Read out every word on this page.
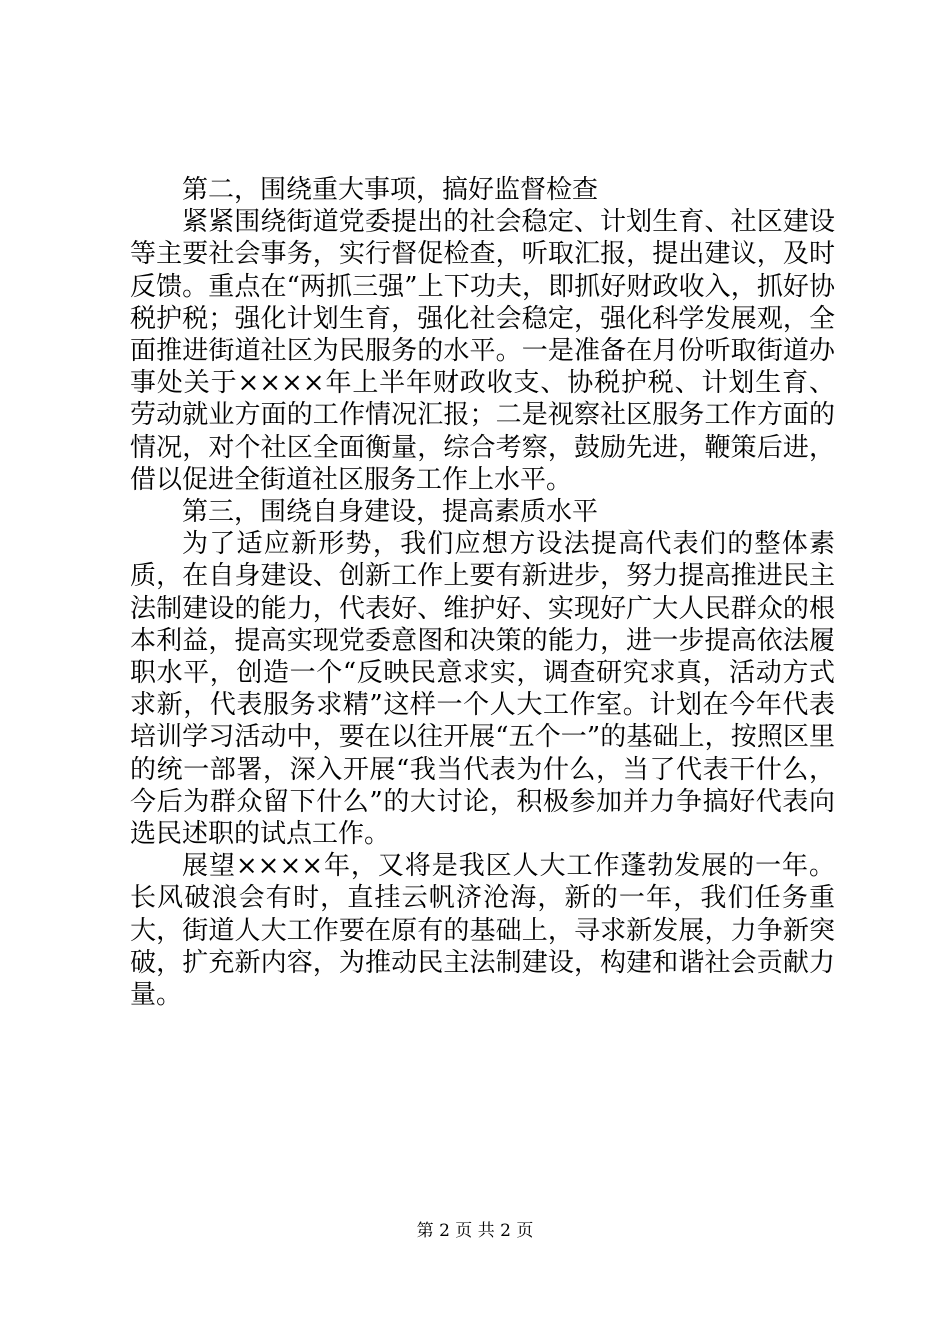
第二，围绕重大事项，搞好监督检查

紧紧围绕街道党委提出的社会稳定、计划生育、社区建设等主要社会事务，实行督促检查，听取汇报，提出建议，及时反馈。重点在“两抓三强”上下功夫，即抓好财政收入，抓好协税护税；强化计划生育，强化社会稳定，强化科学发展观，全面推进街道社区为民服务的水平。一是准备在月份听取街道办事处关于××××年上半年财政收支、协税护税、计划生育、劳动就业方面的工作情况汇报；二是视察社区服务工作方面的情况，对个社区全面衡量，综合考察，鼓励先进，鞭策后进，借以促进全街道社区服务工作上水平。

第三，围绕自身建设，提高素质水平

为了适应新形势，我们应想方设法提高代表们的整体素质，在自身建设、创新工作上要有新进步，努力提高推进民主法制建设的能力，代表好、维护好、实现好广大人民群众的根本利益，提高实现党委意图和决策的能力，进一步提高依法履职水平，创造一个“反映民意求实，调查研究求真，活动方式求新，代表服务求精”这样一个人大工作室。计划在今年代表培训学习活动中，要在以往开展“五个一”的基础上，按照区里的统一部署，深入开展“我当代表为什么，当了代表干什么，今后为群众留下什么”的大讨论，积极参加并力争搞好代表向选民述职的试点工作。

展望××××年，又将是我区人大工作蓬勃发展的一年。长风破浪会有时，直挂云帆济沧海，新的一年，我们任务重大，街道人大工作要在原有的基础上，寻求新发展，力争新突破，扩充新内容，为推动民主法制建设，构建和谐社会贡献力量。

第 2 页 共 2 页
